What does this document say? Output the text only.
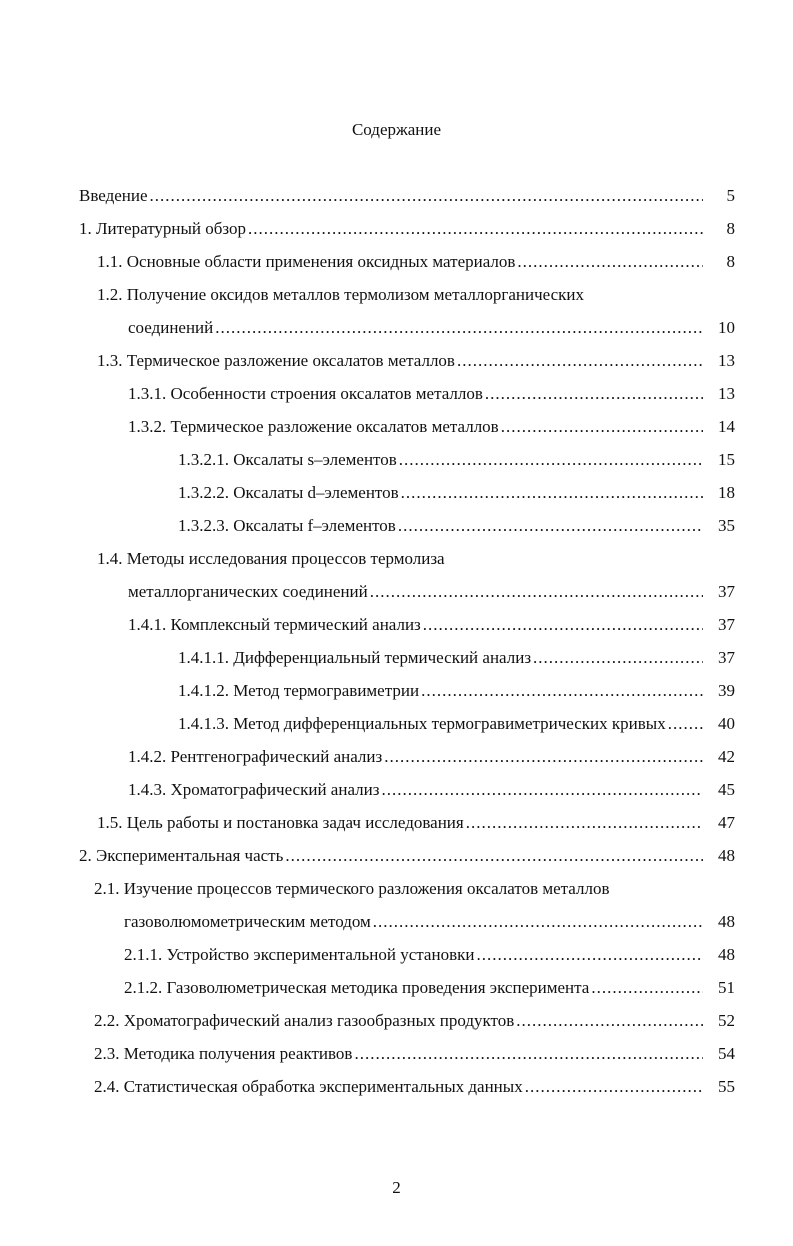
Содержание
Введение .....	5
1. Литературный обзор .....	8
1.1. Основные области применения оксидных материалов .....	8
1.2. Получение оксидов металлов термолизом металлорганических
соединений .....	10
1.3. Термическое разложение оксалатов металлов .....	13
1.3.1. Особенности строения оксалатов металлов .....	13
1.3.2. Термическое разложение оксалатов металлов .....	14
1.3.2.1. Оксалаты s–элементов .....	15
1.3.2.2. Оксалаты d–элементов .....	18
1.3.2.3. Оксалаты f–элементов .....	35
1.4. Методы исследования процессов термолиза
металлорганических соединений .....	37
1.4.1. Комплексный термический анализ .....	37
1.4.1.1. Дифференциальный термический анализ .....	37
1.4.1.2. Метод термогравиметрии .....	39
1.4.1.3. Метод дифференциальных термогравиметрических кривых .....	40
1.4.2. Рентгенографический анализ .....	42
1.4.3. Хроматографический анализ .....	45
1.5. Цель работы и постановка задач исследования .....	47
2. Экспериментальная часть .....	48
2.1. Изучение процессов термического разложения оксалатов металлов
газоволюмометрическим методом .....	48
2.1.1. Устройство экспериментальной установки .....	48
2.1.2. Газоволюметрическая методика проведения эксперимента .....	51
2.2. Хроматографический анализ газообразных продуктов .....	52
2.3. Методика получения реактивов .....	54
2.4. Статистическая обработка экспериментальных данных .....	55
2
